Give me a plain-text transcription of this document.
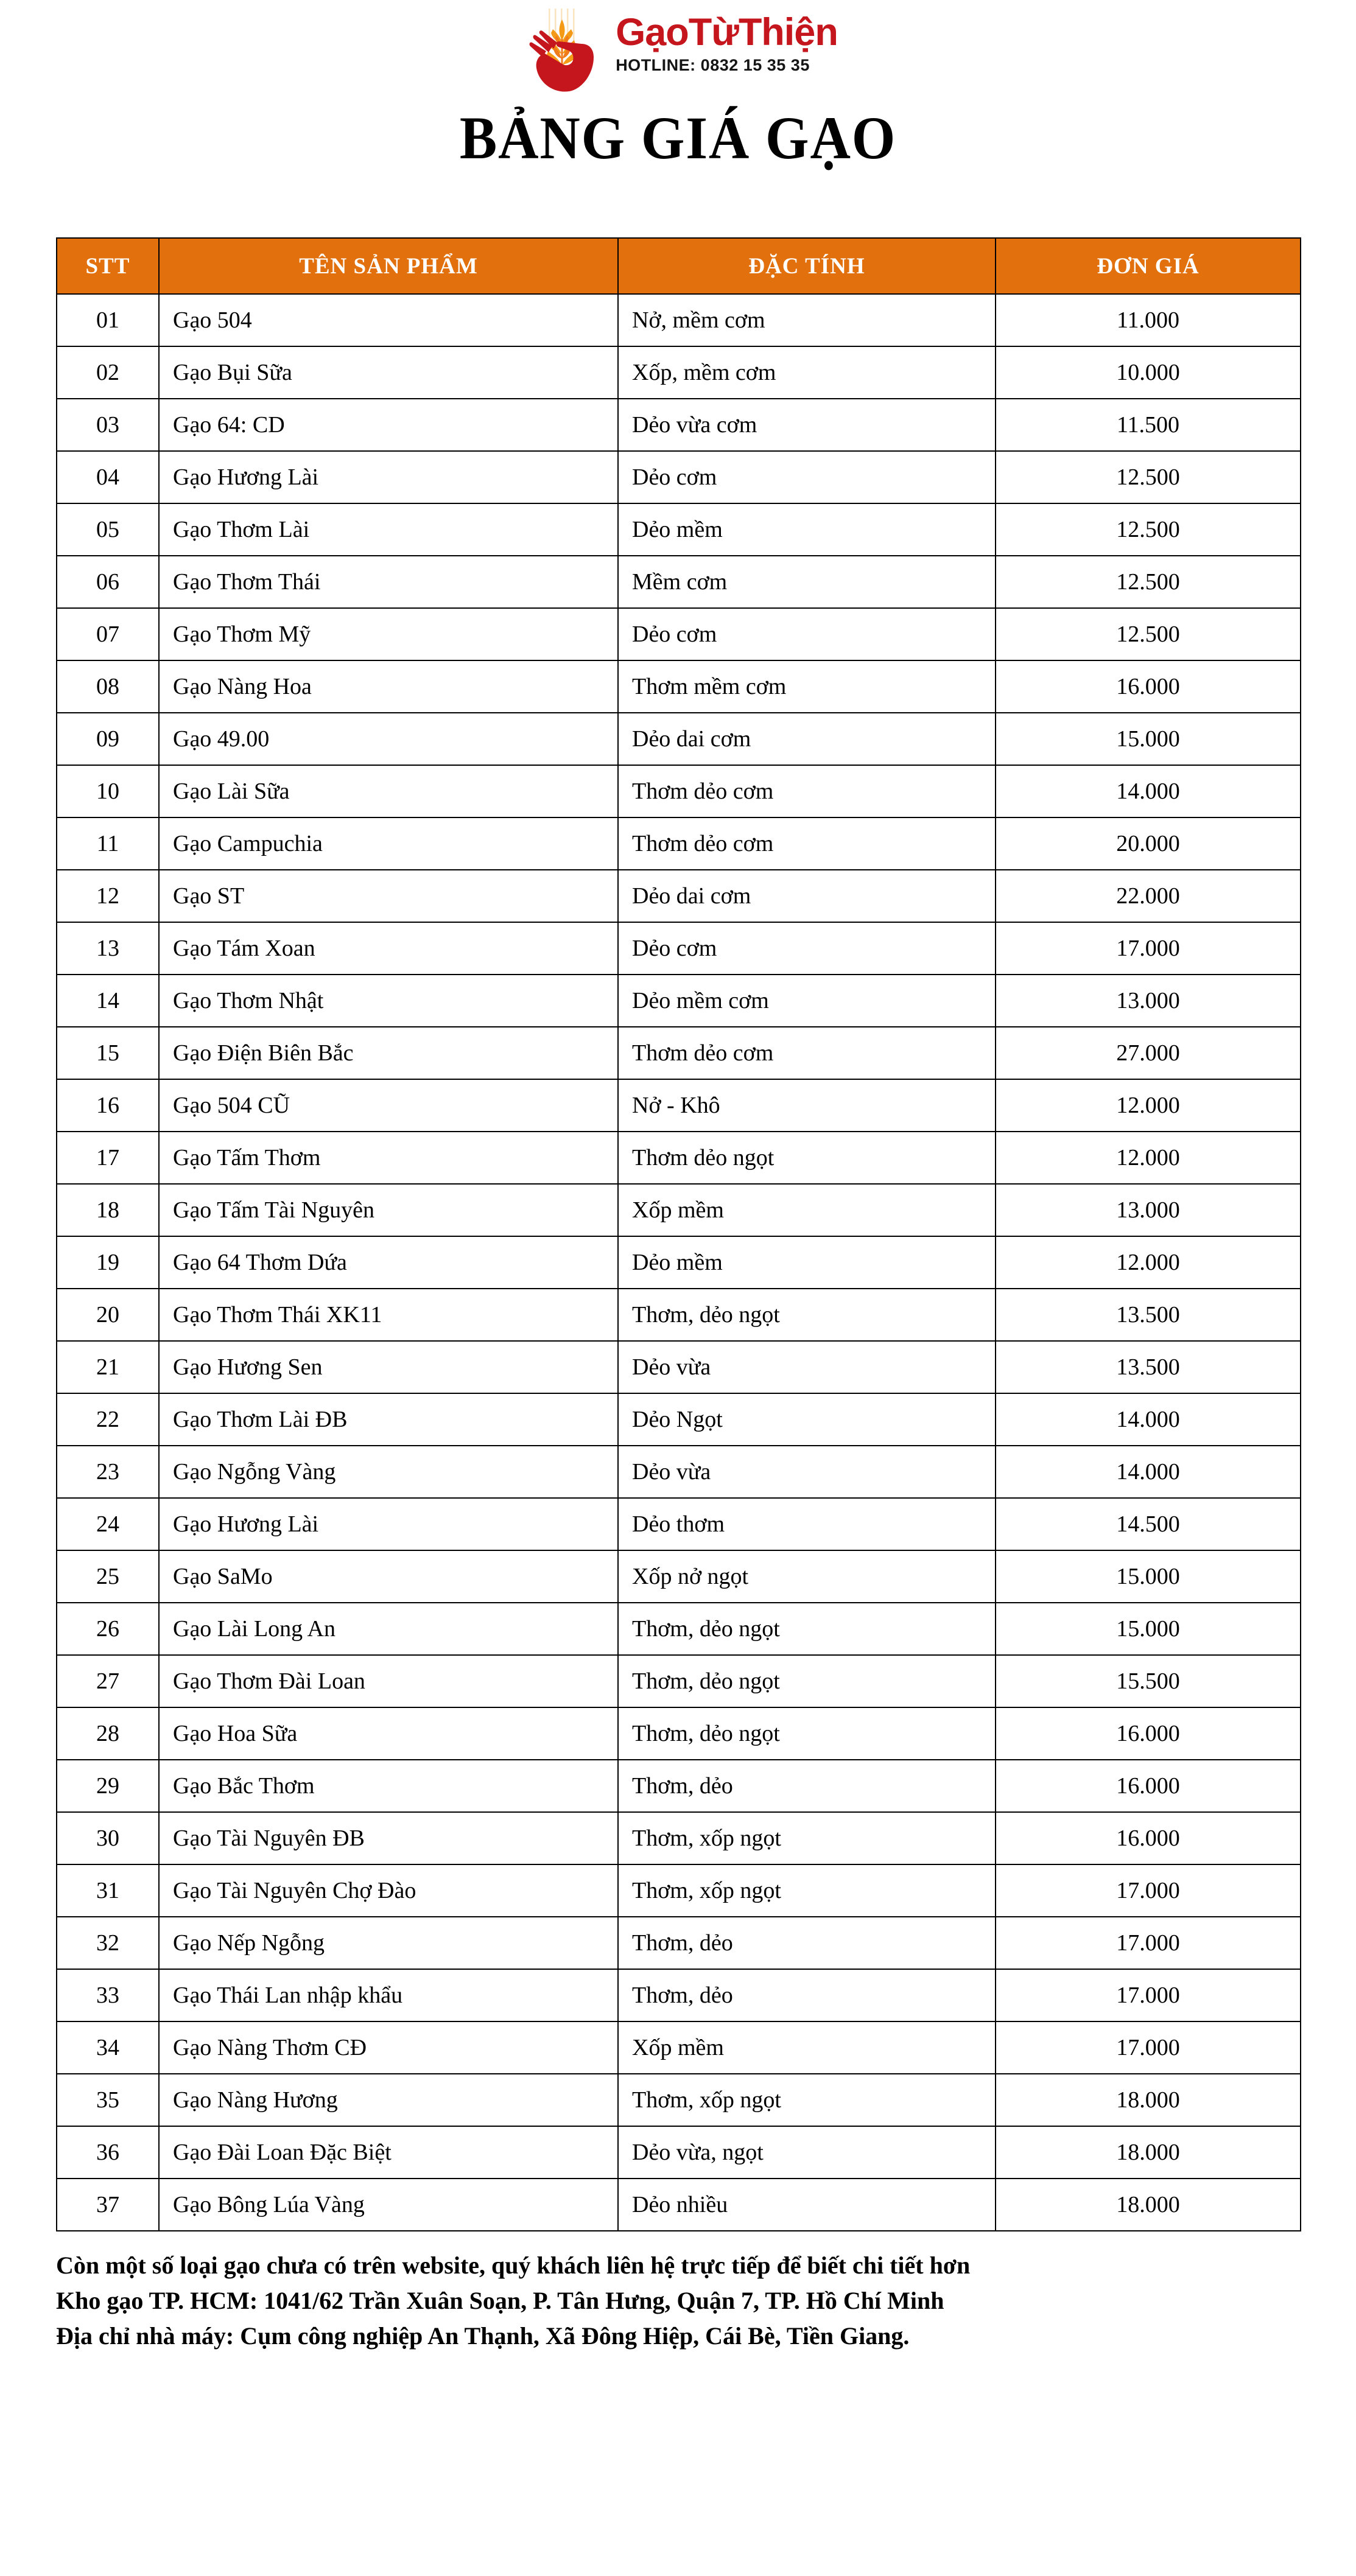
GạoTừThiện
HOTLINE: 0832 15 35 35
BẢNG GIÁ GẠO
STT	TÊN SẢN PHẨM	ĐẶC TÍNH	ĐƠN GIÁ
01	Gạo 504	Nở, mềm cơm	11.000
02	Gạo Bụi Sữa	Xốp, mềm cơm	10.000
03	Gạo 64: CD	Dẻo vừa cơm	11.500
04	Gạo Hương Lài	Dẻo cơm	12.500
05	Gạo Thơm Lài	Dẻo mềm	12.500
06	Gạo Thơm Thái	Mềm cơm	12.500
07	Gạo Thơm Mỹ	Dẻo cơm	12.500
08	Gạo Nàng Hoa	Thơm mềm cơm	16.000
09	Gạo 49.00	Dẻo dai cơm	15.000
10	Gạo Lài Sữa	Thơm dẻo cơm	14.000
11	Gạo Campuchia	Thơm dẻo cơm	20.000
12	Gạo ST	Dẻo dai cơm	22.000
13	Gạo Tám Xoan	Dẻo cơm	17.000
14	Gạo Thơm Nhật	Dẻo mềm cơm	13.000
15	Gạo Điện Biên Bắc	Thơm dẻo cơm	27.000
16	Gạo 504 CŨ	Nở - Khô	12.000
17	Gạo Tấm Thơm	Thơm dẻo ngọt	12.000
18	Gạo Tấm Tài Nguyên	Xốp mềm	13.000
19	Gạo 64 Thơm Dứa	Dẻo mềm	12.000
20	Gạo Thơm Thái XK11	Thơm, dẻo ngọt	13.500
21	Gạo Hương Sen	Dẻo vừa	13.500
22	Gạo Thơm Lài ĐB	Dẻo Ngọt	14.000
23	Gạo Ngỗng Vàng	Dẻo vừa	14.000
24	Gạo Hương Lài	Dẻo thơm	14.500
25	Gạo SaMo	Xốp nở ngọt	15.000
26	Gạo Lài Long An	Thơm, dẻo ngọt	15.000
27	Gạo Thơm Đài Loan	Thơm, dẻo ngọt	15.500
28	Gạo Hoa Sữa	Thơm, dẻo ngọt	16.000
29	Gạo Bắc Thơm	Thơm, dẻo	16.000
30	Gạo Tài Nguyên ĐB	Thơm, xốp ngọt	16.000
31	Gạo Tài Nguyên Chợ Đào	Thơm, xốp ngọt	17.000
32	Gạo Nếp Ngỗng	Thơm, dẻo	17.000
33	Gạo Thái Lan nhập khẩu	Thơm, dẻo	17.000
34	Gạo Nàng Thơm CĐ	Xốp mềm	17.000
35	Gạo Nàng Hương	Thơm, xốp ngọt	18.000
36	Gạo Đài Loan Đặc Biệt	Dẻo vừa, ngọt	18.000
37	Gạo Bông Lúa Vàng	Dẻo nhiều	18.000

Còn một số loại gạo chưa có trên website, quý khách liên hệ trực tiếp để biết chi tiết hơn

Kho gạo TP. HCM: 1041/62 Trần Xuân Soạn, P. Tân Hưng, Quận 7, TP. Hồ Chí Minh

Địa chỉ nhà máy: Cụm công nghiệp An Thạnh, Xã Đông Hiệp, Cái Bè, Tiền Giang.
